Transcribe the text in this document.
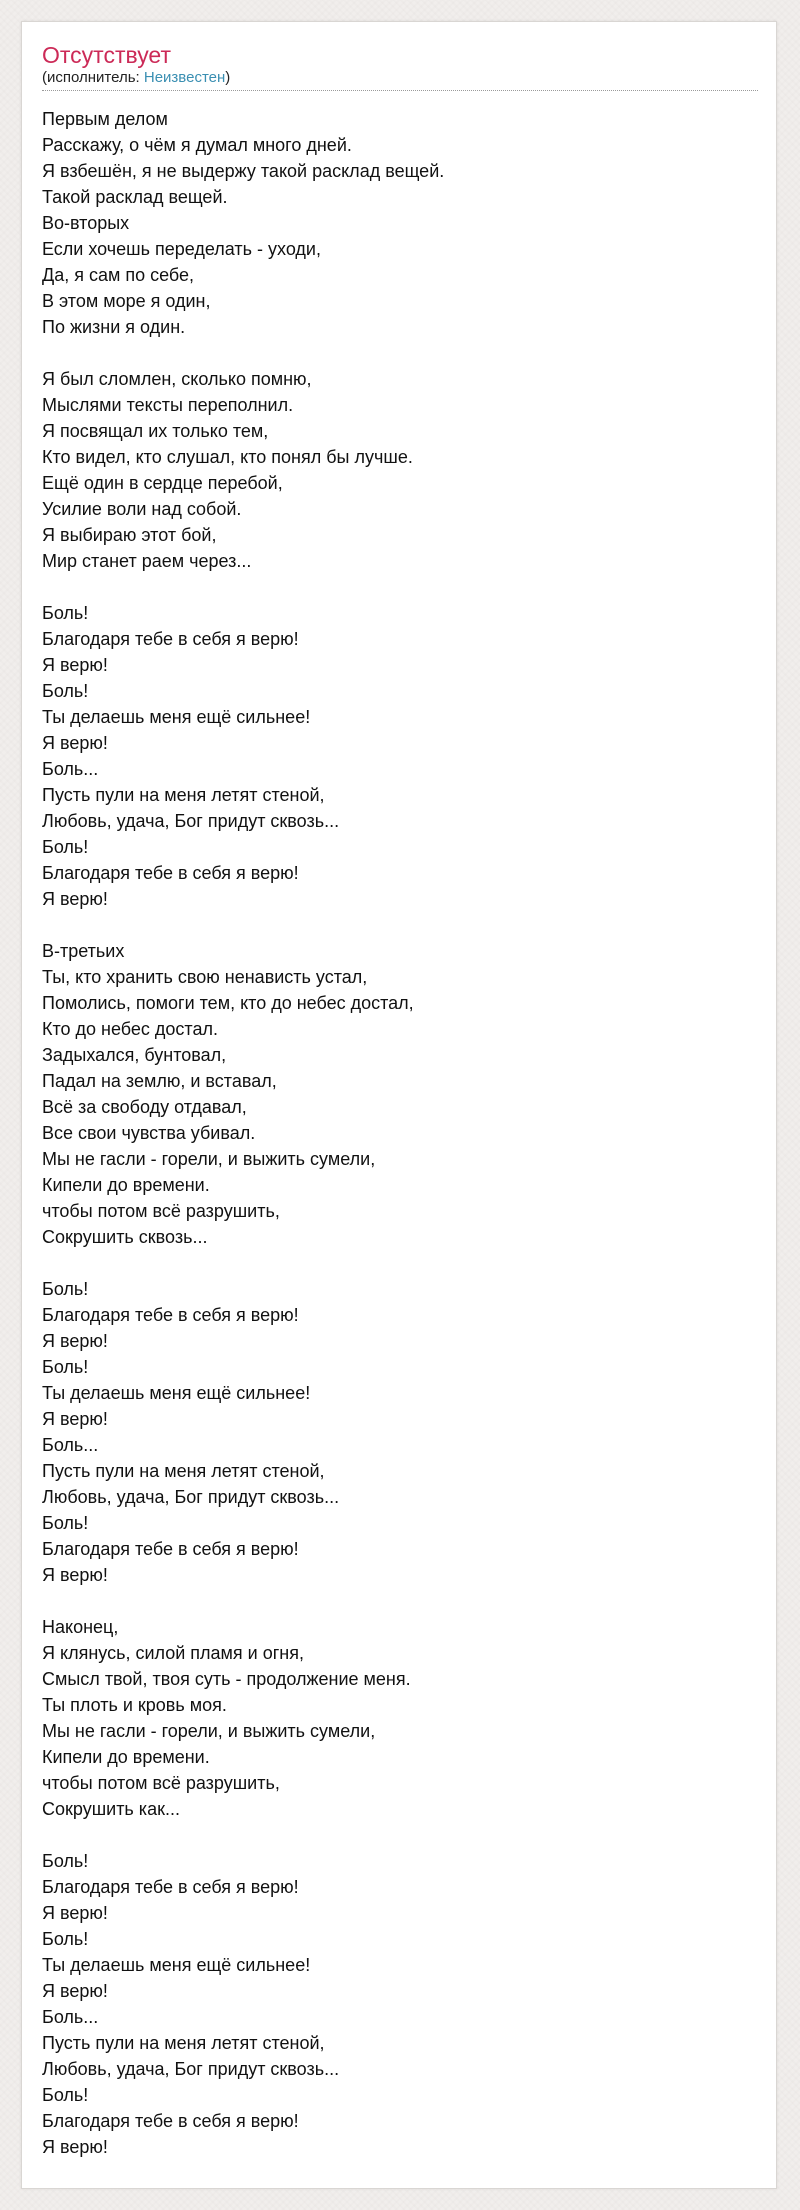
Отсутствует
(исполнитель: Неизвестен)
Первым делом
Расскажу, о чём я думал много дней.
Я взбешён, я не выдержу такой расклад вещей.
Такой расклад вещей.
Во-вторых
Если хочешь переделать - уходи,
Да, я сам по себе,
В этом море я один,
По жизни я один.
Я был сломлен, сколько помню,
Мыслями тексты переполнил.
Я посвящал их только тем,
Кто видел, кто слушал, кто понял бы лучше.
Ещё один в сердце перебой,
Усилие воли над собой.
Я выбираю этот бой,
Мир станет раем через...
Боль!
Благодаря тебе в себя я верю!
Я верю!
Боль!
Ты делаешь меня ещё сильнее!
Я верю!
Боль...
Пусть пули на меня летят стеной,
Любовь, удача, Бог придут сквозь...
Боль!
Благодаря тебе в себя я верю!
Я верю!
В-третьих
Ты, кто хранить свою ненависть устал,
Помолись, помоги тем, кто до небес достал,
Кто до небес достал.
Задыхался, бунтовал,
Падал на землю, и вставал,
Всё за свободу отдавал,
Все свои чувства убивал.
Мы не гасли - горели, и выжить сумели,
Кипели до времени.
чтобы потом всё разрушить,
Сокрушить сквозь...
Боль!
Благодаря тебе в себя я верю!
Я верю!
Боль!
Ты делаешь меня ещё сильнее!
Я верю!
Боль...
Пусть пули на меня летят стеной,
Любовь, удача, Бог придут сквозь...
Боль!
Благодаря тебе в себя я верю!
Я верю!
Наконец,
Я клянусь, силой пламя и огня,
Смысл твой, твоя суть - продолжение меня.
Ты плоть и кровь моя.
Мы не гасли - горели, и выжить сумели,
Кипели до времени.
чтобы потом всё разрушить,
Сокрушить как...
Боль!
Благодаря тебе в себя я верю!
Я верю!
Боль!
Ты делаешь меня ещё сильнее!
Я верю!
Боль...
Пусть пули на меня летят стеной,
Любовь, удача, Бог придут сквозь...
Боль!
Благодаря тебе в себя я верю!
Я верю!
